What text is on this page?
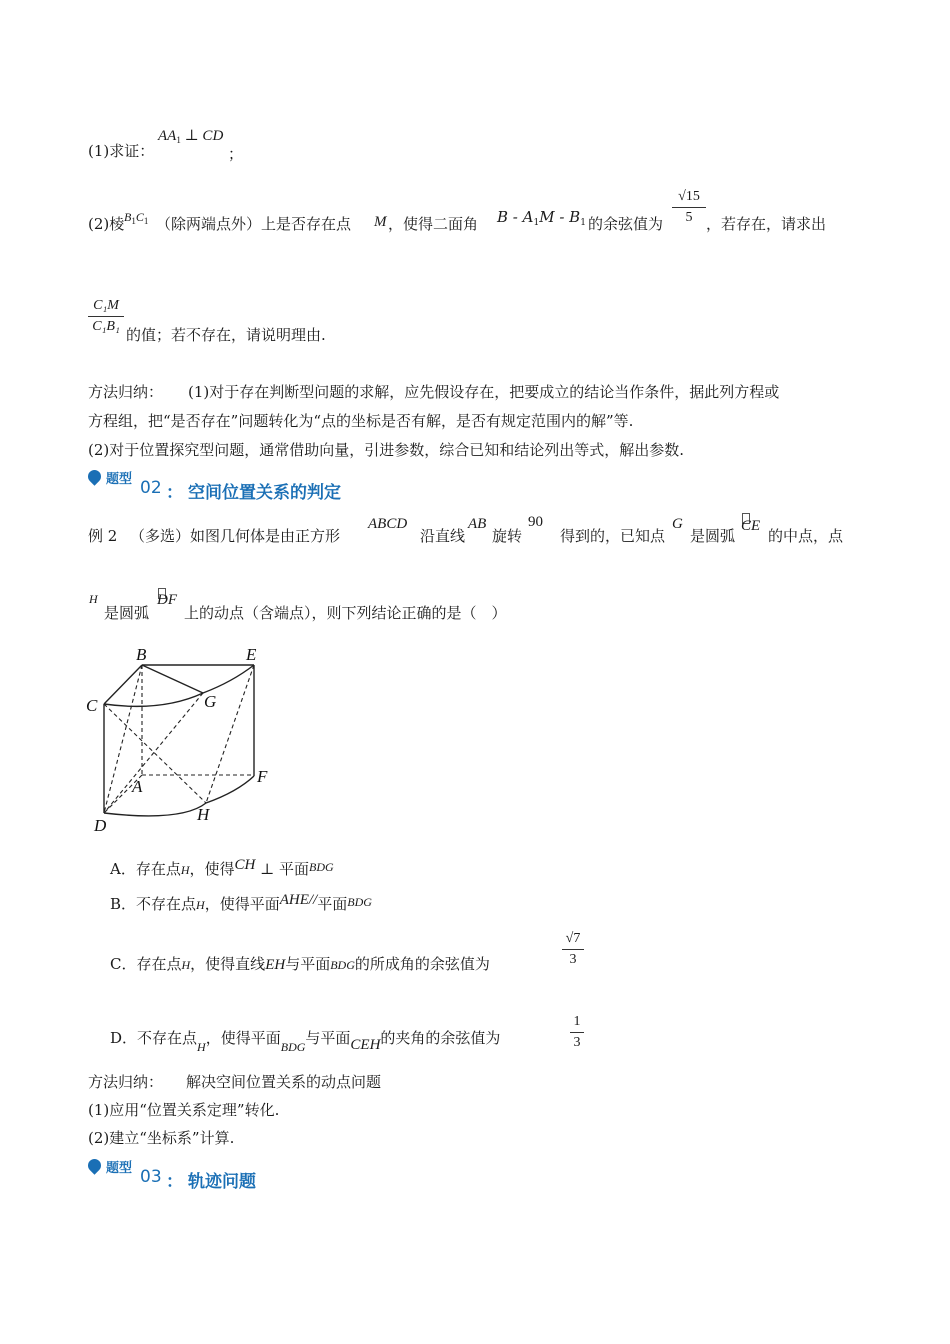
(1)求证：
$AA_1$ ⊥ CD
；
(2)棱 $B_1C_1$ （除两端点外）上是否存在点 M ，使得二面角 B - $A_1M - B_1$ 的余弦值为
√15
5 ，若存在，请求出
C₁M
C₁B₁ 的值；若不存在，请说明理由.
方法归纳： (1)对于存在判断型问题的求解，应先假设存在，把要成立的结论当作条件，据此列方程或
方程组，把“是否存在”问题转化为“点的坐标是否有解，是否有规定范围内的解”等.
(2)对于位置探究型问题，通常借助向量，引进参数，综合已知和结论列出等式，解出参数.
题型 02 ： 空间位置关系的判定
例 2 （多选）如图几何体是由正方形
ABCD
沿直线
AB
旋转
90
得到的，已知点
G
是圆弧
CE
的中点，点
H
是圆弧
DF
上的动点（含端点），则下列结论正确的是（　）
B	E
C	G
A
F
D
H
A．存在点H，使得CH ⊥ 平面$^{BDG}$
B．不存在点H，使得平面AHE//平面$^{BDG}$
C．存在点H，使得直线EH与平面BDG的所成角的余弦值为
√7
3
D．不存在点$_H$，使得平面$_{BDG}$与平面CEH的夹角的余弦值为
1
3
方法归纳： 解决空间位置关系的动点问题
(1)应用“位置关系定理”转化.
(2)建立“坐标系”计算.
题型 03 ： 轨迹问题
